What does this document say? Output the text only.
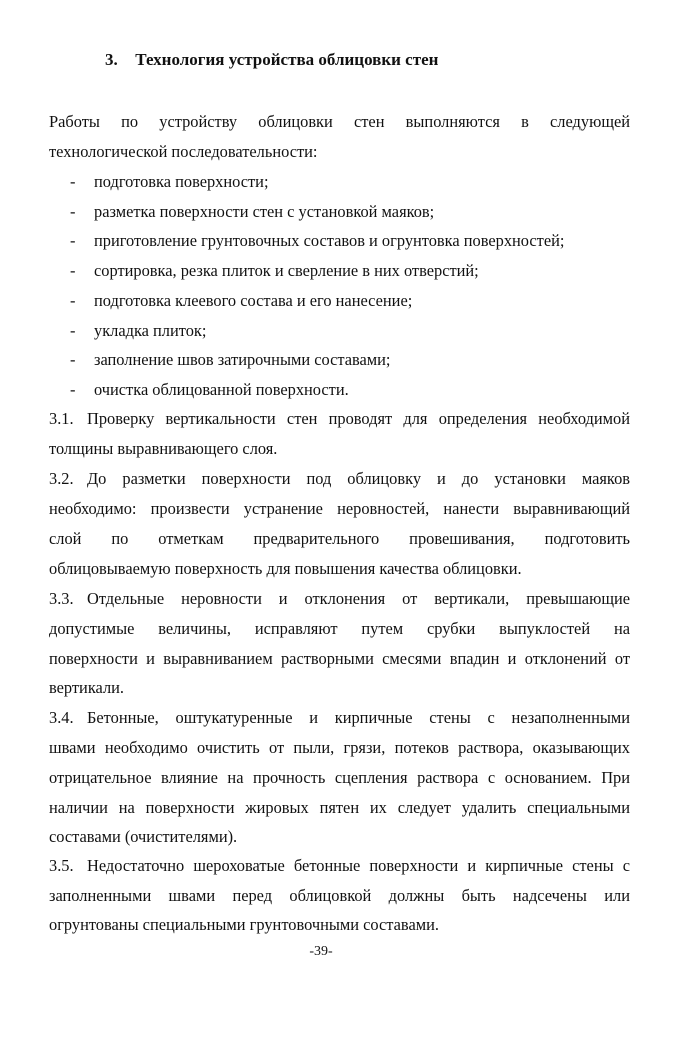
3. Технология устройства облицовки стен
Работы по устройству облицовки стен выполняются в следующей
технологической последовательности:
- подготовка поверхности;
- разметка поверхности стен с установкой маяков;
- приготовление грунтовочных составов и огрунтовка поверхностей;
- сортировка, резка плиток и сверление в них отверстий;
- подготовка клеевого состава и его нанесение;
- укладка плиток;
- заполнение швов затирочными составами;
- очистка облицованной поверхности.
3.1. Проверку вертикальности стен проводят для определения необходимой
толщины выравнивающего слоя.
3.2. До разметки поверхности под облицовку и до установки маяков
необходимо: произвести устранение неровностей, нанести выравнивающий
слой по отметкам предварительного провешивания, подготовить
облицовываемую поверхность для повышения качества облицовки.
3.3. Отдельные неровности и отклонения от вертикали, превышающие
допустимые величины, исправляют путем срубки выпуклостей на
поверхности и выравниванием растворными смесями впадин и отклонений от
вертикали.
3.4. Бетонные, оштукатуренные и кирпичные стены с незаполненными
швами необходимо очистить от пыли, грязи, потеков раствора, оказывающих
отрицательное влияние на прочность сцепления раствора с основанием. При
наличии на поверхности жировых пятен их следует удалить специальными
составами (очистителями).
3.5. Недостаточно шероховатые бетонные поверхности и кирпичные стены с
заполненными швами перед облицовкой должны быть надсечены или
огрунтованы специальными грунтовочными составами.
-39-
